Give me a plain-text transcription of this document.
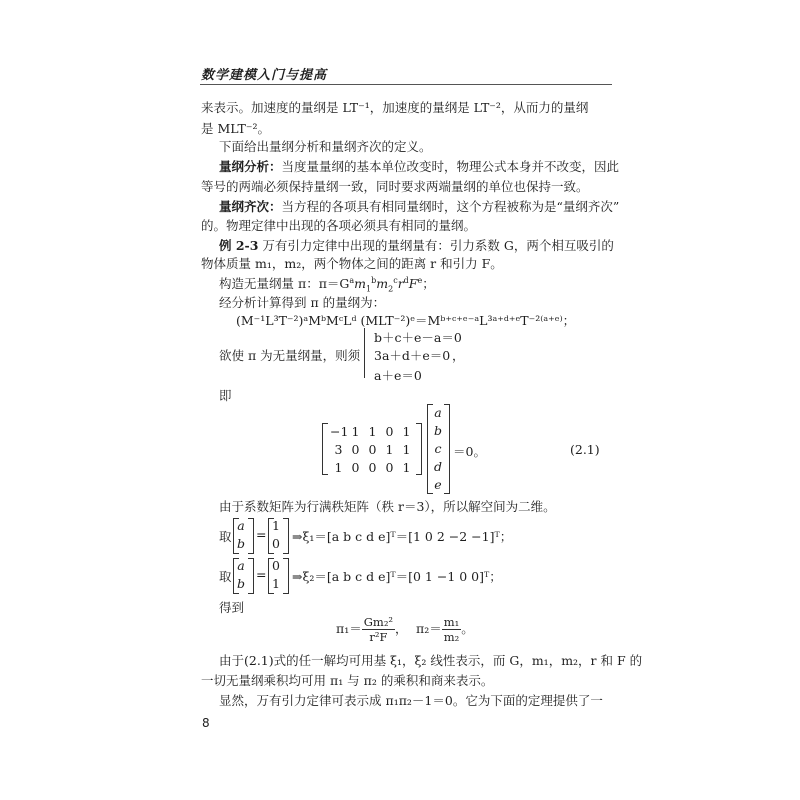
数学建模入门与提高
来表示。加速度的量纲是 LT⁻¹，加速度的量纲是 LT⁻²，从而力的量纲
是 MLT⁻²。
下面给出量纲分析和量纲齐次的定义。
量纲分析：当度量量纲的基本单位改变时，物理公式本身并不改变，因此
等号的两端必须保持量纲一致，同时要求两端量纲的单位也保持一致。
量纲齐次：当方程的各项具有相同量纲时，这个方程被称为是“量纲齐次”
的。物理定律中出现的各项必须具有相同的量纲。
例 2-3 万有引力定律中出现的量纲量有：引力系数 G，两个相互吸引的
物体质量 m₁，m₂，两个物体之间的距离 r 和引力 F。
构造无量纲量 π：$\pi=G^am_1^bm_2^cr^dF^e$；
经分析计算得到 π 的量纲为：
(M⁻¹L³T⁻²)ᵃMᵇMᶜLᵈ (MLT⁻²)ᵉ＝Mᵇ⁺ᶜ⁺ᵉ⁻ᵃL³ᵃ⁺ᵈ⁺ᵉT⁻²⁽ᵃ⁺ᵉ⁾；
欲使 π 为无量纲量，则须
b＋c＋e－a＝0
3a＋d＋e＝0
a＋e＝0
，
即
−1 1 1 0 1
3 0 0 1 1
1 0 0 0 1
a
b
c
d
e
＝0。	(2.1)
由于系数矩阵为行满秩矩阵（秩 r＝3），所以解空间为二维。
取
a
b
=
1
0 ⇒ξ₁＝[a b c d e]ᵀ＝[1 0 2 −2 −1]ᵀ；
取
a
b
=
0
1 ⇒ξ₂＝[a b c d e]ᵀ＝[0 1 −1 0 0]ᵀ；
得到
$\pi_1= \frac{\text{Gm₂²}}{\text{r²F}}$ ， $\pi_2= \frac{\text{m₁}}{\text{m₂}}$ 。
由于(2.1)式的任一解均可用基 ξ₁，ξ₂ 线性表示，而 G，m₁，m₂，r 和 F 的
一切无量纲乘积均可用 π₁ 与 π₂ 的乘积和商来表示。
显然，万有引力定律可表示成 π₁π₂－1＝0。它为下面的定理提供了一
8
